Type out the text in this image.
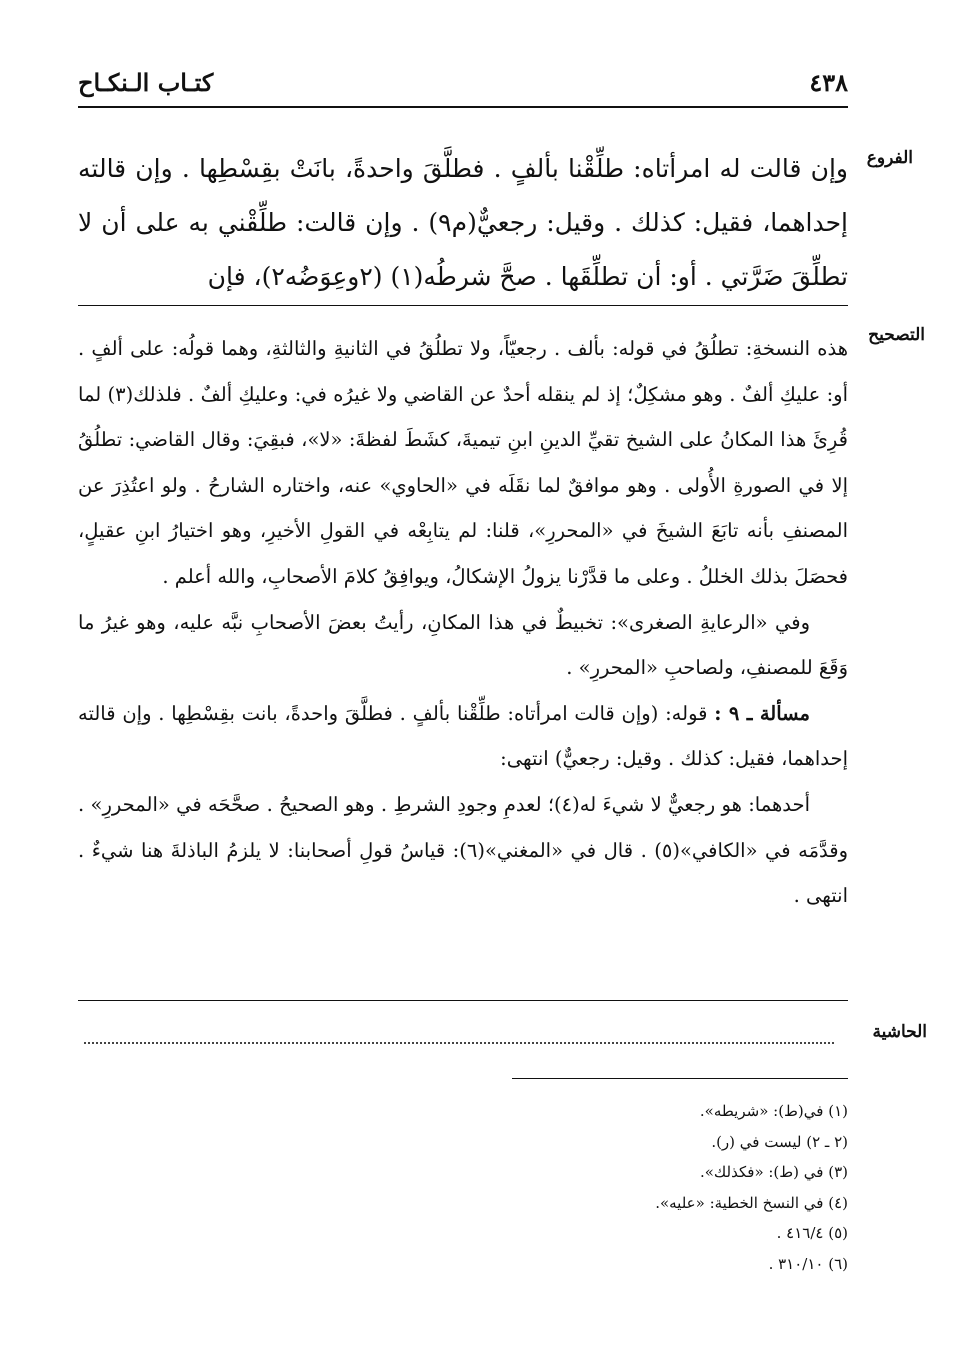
٤٣٨
كتـاب الـنكـاح
الفروع
وإن قالت له امرأتاه: طلِّقْنا بألفٍ . فطلَّقَ واحدةً، بانَتْ بقِسْطِها . وإن قالته إحداهما، فقيل: كذلك . وقيل: رجعيٌّ(م٩) . وإن قالت: طلِّقْني به على أن لا تطلِّقَ ضَرَّتي . أو: أن تطلِّقَها . صحَّ شرطُه(١) (٢وعِوَضُه٢)، فإن
التصحيح

هذه النسخةِ: تطلُقُ في قوله: بألف . رجعيّاً، ولا تطلُقُ في الثانيةِ والثالثةِ، وهما قولُه: على ألفٍ . أو: عليكِ ألفٌ . وهو مشكِلٌ؛ إذ لم ينقله أحدٌ عن القاضي ولا غيرُه في: وعليكِ ألفٌ . فلذلك(٣) لما قُرِئَ هذا المكانُ على الشيخ تقيِّ الدينِ ابنِ تيميةَ، كشَطَ لفظةَ: «لا»، فبقِيَ: وقال القاضي: تطلُقُ إلا في الصورةِ الأُولى . وهو موافقٌ لما نقَلَه في «الحاوي» عنه، واختاره الشارحُ . ولو اعتُذِرَ عن المصنفِ بأنه تابَعَ الشيخَ في «المحررِ»، قلنا: لم يتابِعْه في القولِ الأخيرِ، وهو اختيارُ ابنِ عقيلٍ، فحصَلَ بذلك الخللُ . وعلى ما قدَّرْنا يزولُ الإشكالُ، ويوافِقُ كلامَ الأصحابِ، والله أعلم .

وفي «الرعايةِ الصغرى»: تخبيطٌ في هذا المكانِ، رأيتُ بعضَ الأصحابِ نبَّه عليه، وهو غيرُ ما وَقَعَ للمصنفِ، ولصاحبِ «المحررِ» .

مسألة ـ ٩ : قوله: (وإن قالت امرأتاه: طلِّقْنا بألفٍ . فطلَّقَ واحدةً، بانت بقِسْطِها . وإن قالته إحداهما، فقيل: كذلك . وقيل: رجعيٌّ) انتهى:

أحدهما: هو رجعيٌّ لا شيءَ له(٤)؛ لعدمِ وجودِ الشرطِ . وهو الصحيحُ . صحَّحَه في «المحررِ» . وقدَّمَه في «الكافي»(٥) . قال في «المغني»(٦): قياسُ قولِ أصحابنا: لا يلزمُ الباذلةَ هنا شيءٌ . انتهى .

الحاشية
(١) في(ط): «شريطه».
(٢ ـ ٢) ليست في (ر).
(٣) في (ط): «فكذلك».
(٤) في النسخ الخطية: «عليه».
(٥) ٤١٦/٤ .
(٦) ٣١٠/١٠ .
